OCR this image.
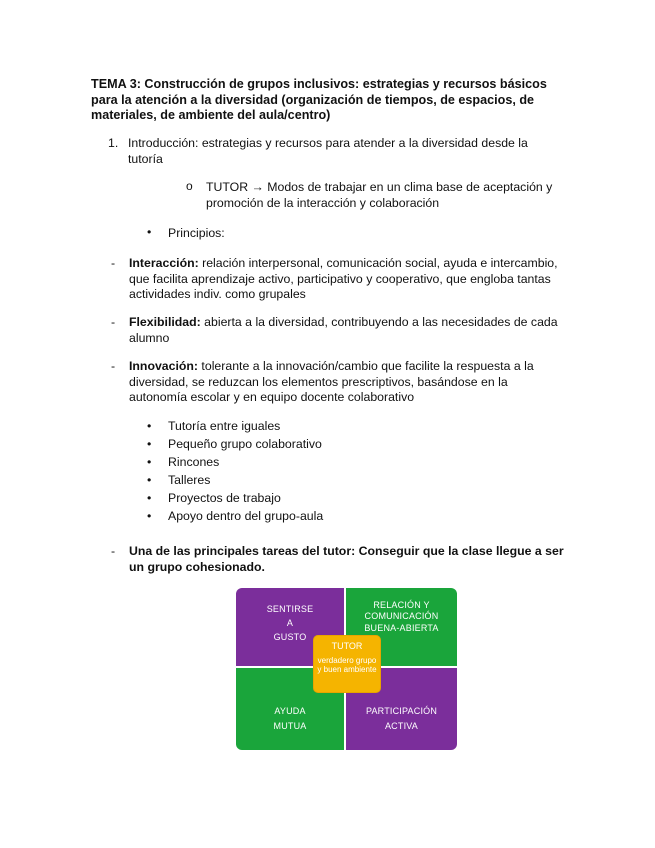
TEMA 3: Construcción de grupos inclusivos: estrategias y recursos básicos para la atención a la diversidad (organización de tiempos, de espacios, de materiales, de ambiente del aula/centro)
1. Introducción: estrategias y recursos para atender a la diversidad desde la tutoría
o TUTOR → Modos de trabajar en un clima base de aceptación y promoción de la interacción y colaboración
• Principios:
- Interacción: relación interpersonal, comunicación social, ayuda e intercambio, que facilita aprendizaje activo, participativo y cooperativo, que engloba tantas actividades indiv. como grupales
- Flexibilidad: abierta a la diversidad, contribuyendo a las necesidades de cada alumno
- Innovación: tolerante a la innovación/cambio que facilite la respuesta a la diversidad, se reduzcan los elementos prescriptivos, basándose en la autonomía escolar y en equipo docente colaborativo
• Tutoría entre iguales
• Pequeño grupo colaborativo
• Rincones
• Talleres
• Proyectos de trabajo
• Apoyo dentro del grupo-aula
- Una de las principales tareas del tutor: Conseguir que la clase llegue a ser un grupo cohesionado.
SENTIRSE
A
GUSTO
RELACIÓN Y
COMUNICACIÓN
BUENA-ABIERTA
AYUDA
MUTUA
PARTICIPACIÓN
ACTIVA
TUTOR
verdadero grupo y buen ambiente
